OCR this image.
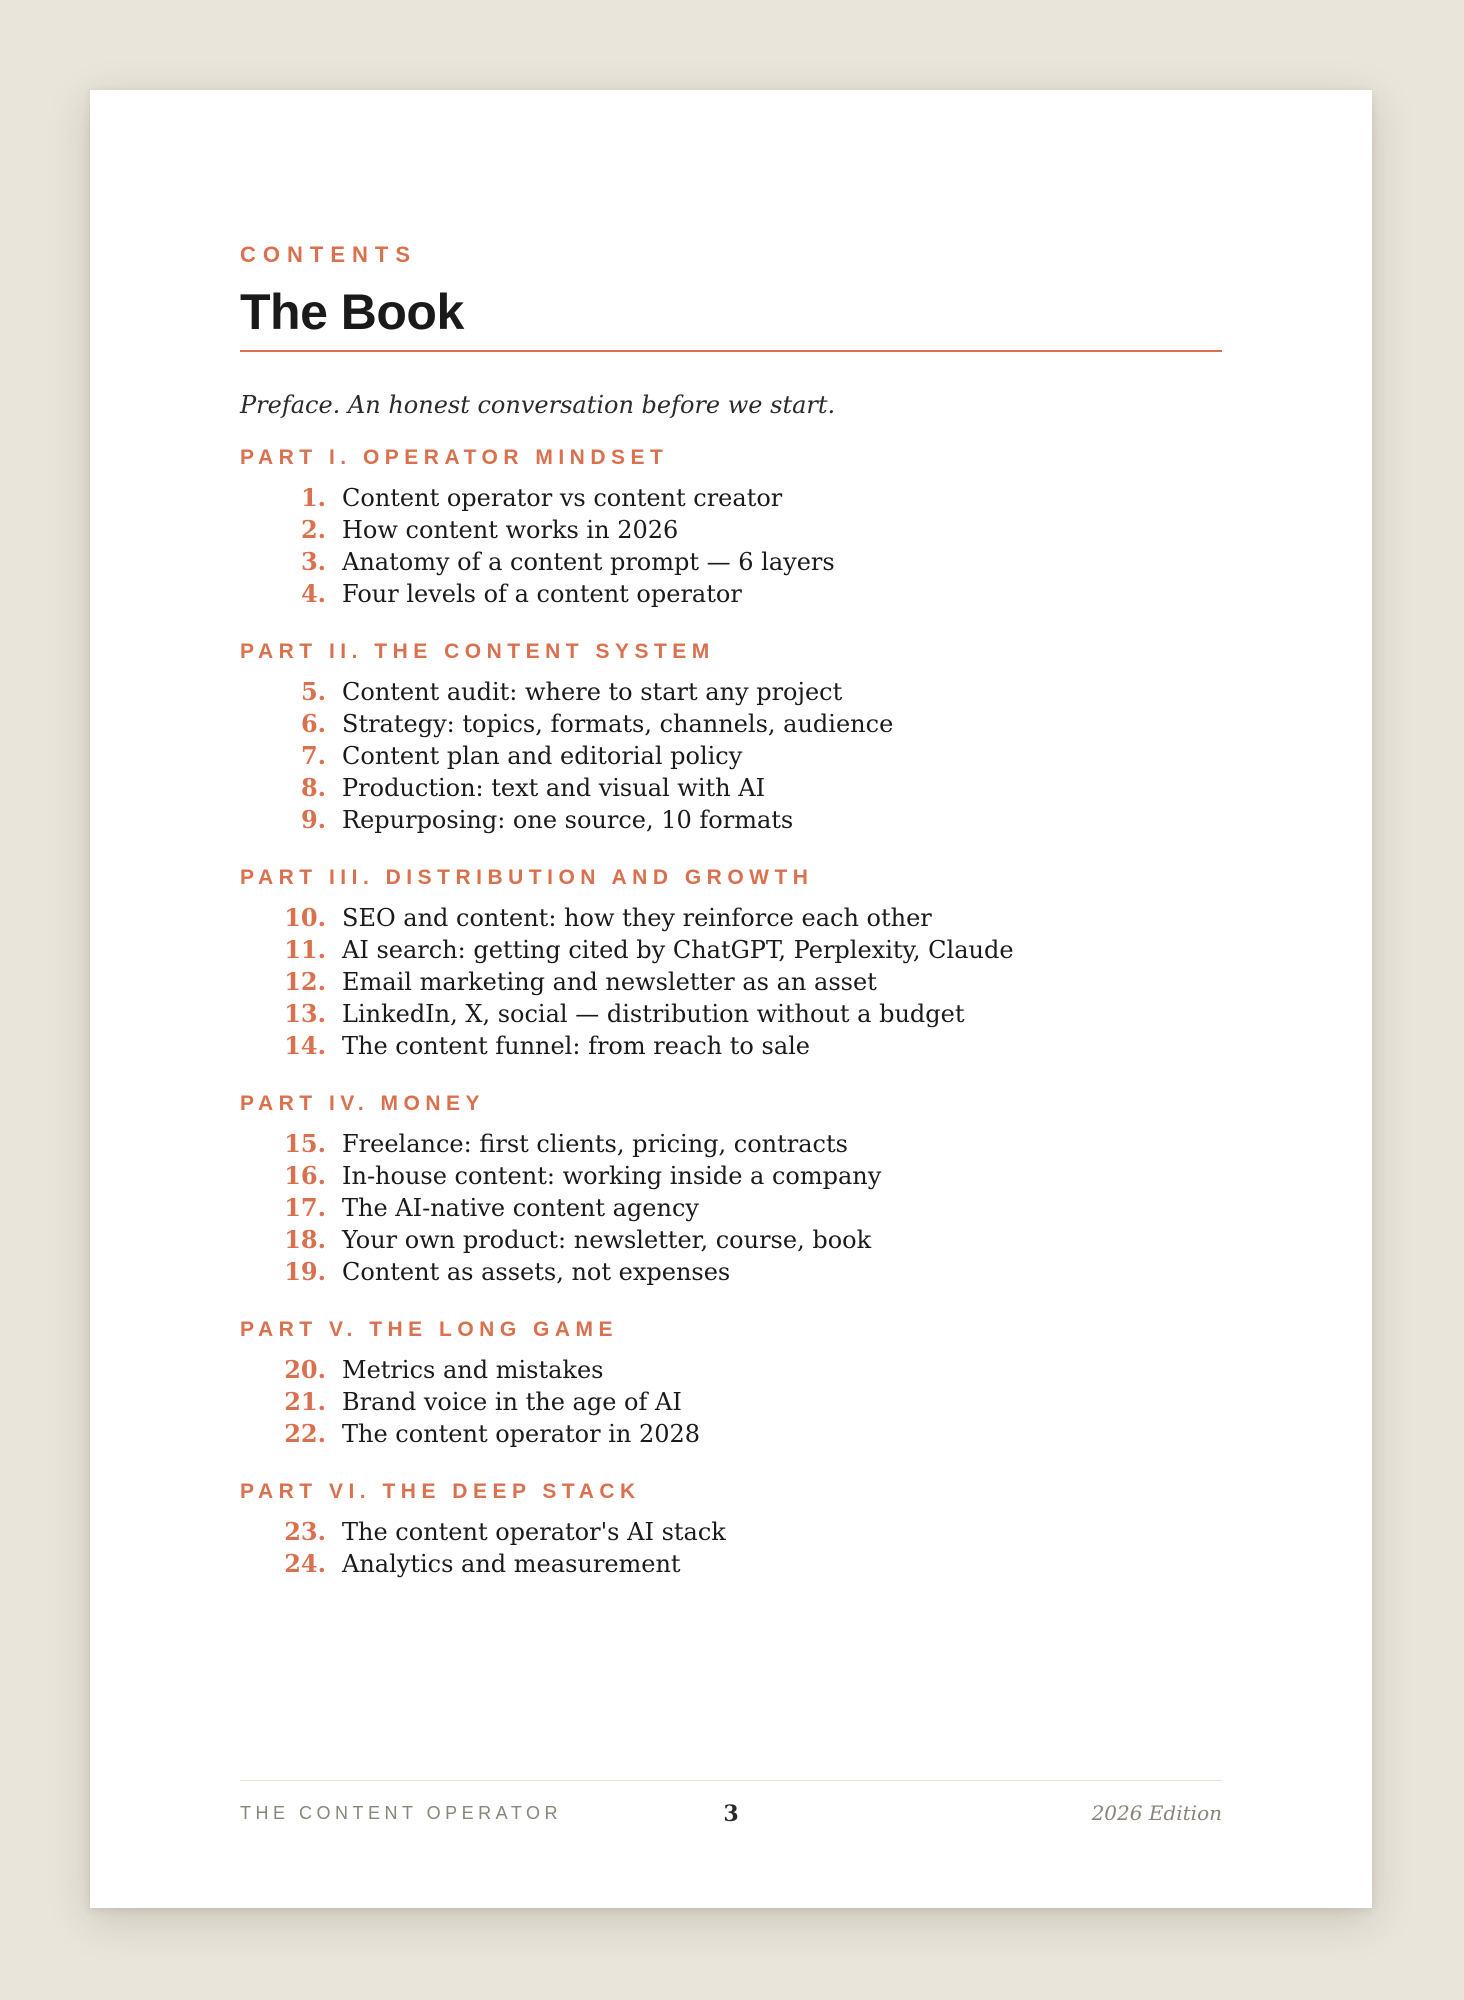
CONTENTS
The Book
Preface. An honest conversation before we start.
PART I. OPERATOR MINDSET
1. Content operator vs content creator
2. How content works in 2026
3. Anatomy of a content prompt — 6 layers
4. Four levels of a content operator
PART II. THE CONTENT SYSTEM
5. Content audit: where to start any project
6. Strategy: topics, formats, channels, audience
7. Content plan and editorial policy
8. Production: text and visual with AI
9. Repurposing: one source, 10 formats
PART III. DISTRIBUTION AND GROWTH
10. SEO and content: how they reinforce each other
11. AI search: getting cited by ChatGPT, Perplexity, Claude
12. Email marketing and newsletter as an asset
13. LinkedIn, X, social — distribution without a budget
14. The content funnel: from reach to sale
PART IV. MONEY
15. Freelance: first clients, pricing, contracts
16. In-house content: working inside a company
17. The AI-native content agency
18. Your own product: newsletter, course, book
19. Content as assets, not expenses
PART V. THE LONG GAME
20. Metrics and mistakes
21. Brand voice in the age of AI
22. The content operator in 2028
PART VI. THE DEEP STACK
23. The content operator's AI stack
24. Analytics and measurement
THE CONTENT OPERATOR	3	2026 Edition
